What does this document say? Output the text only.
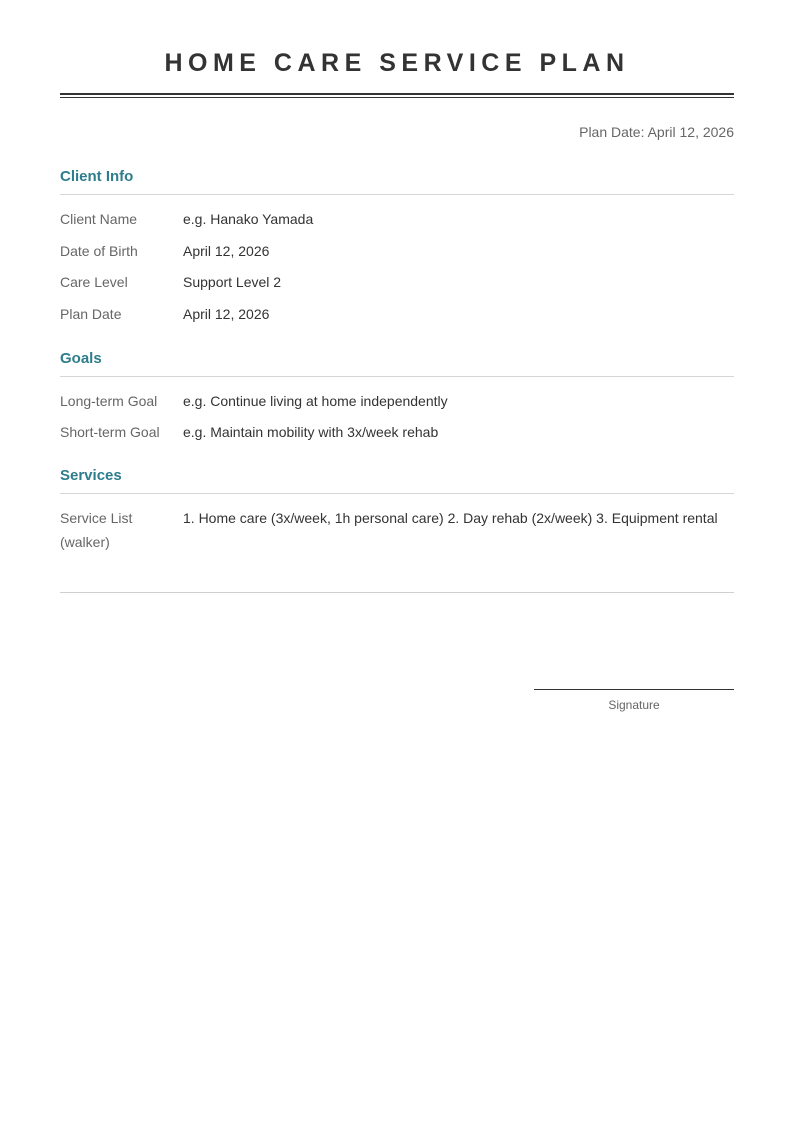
HOME CARE SERVICE PLAN
Plan Date: April 12, 2026
Client Info
Client Name	e.g. Hanako Yamada
Date of Birth	April 12, 2026
Care Level	Support Level 2
Plan Date	April 12, 2026
Goals
Long-term Goal	e.g. Continue living at home independently
Short-term Goal	e.g. Maintain mobility with 3x/week rehab
Services
Service List	1. Home care (3x/week, 1h personal care) 2. Day rehab (2x/week) 3. Equipment rental
(walker)
Signature
